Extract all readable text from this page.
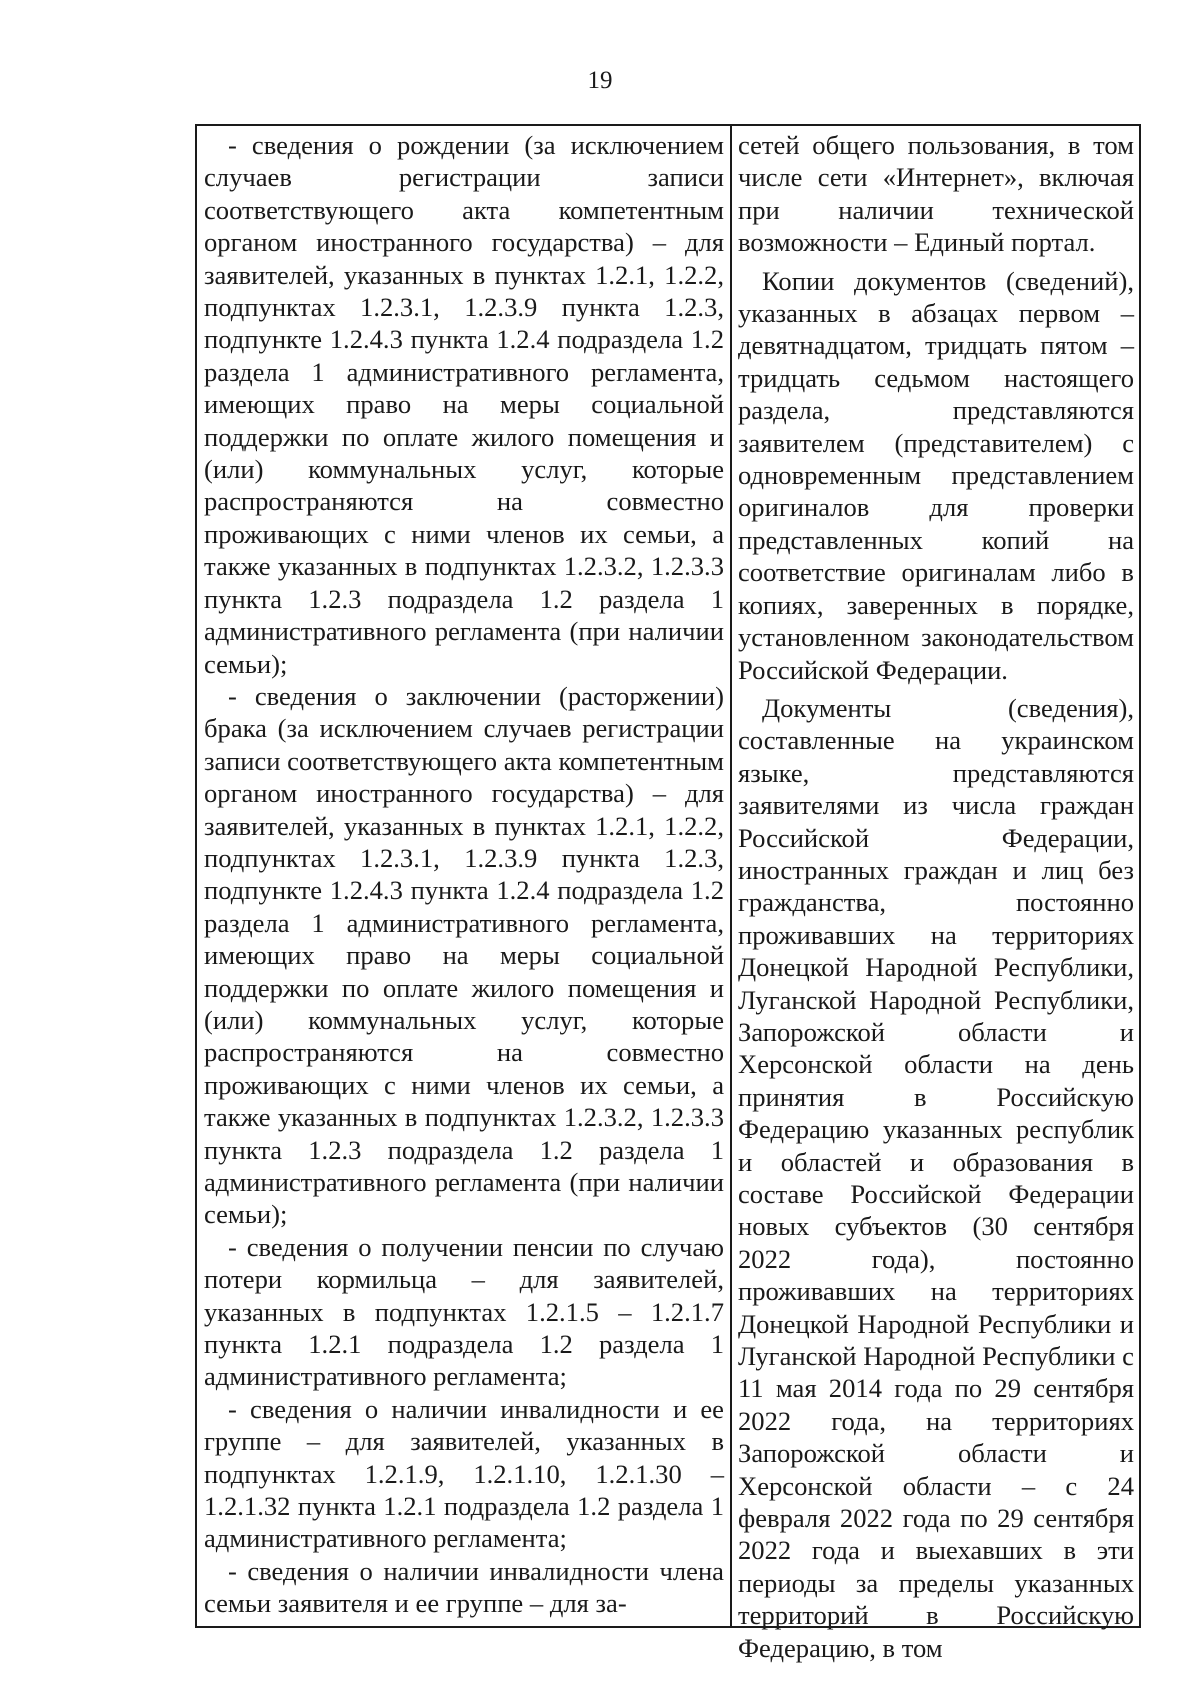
19

- сведения о рождении (за исключением случаев регистрации записи соответствующего акта компетентным органом иностранного государства) – для заявителей, указанных в пунктах 1.2.1, 1.2.2, подпунктах 1.2.3.1, 1.2.3.9 пункта 1.2.3, подпункте 1.2.4.3 пункта 1.2.4 подраздела 1.2 раздела 1 административного регламента, имеющих право на меры социальной поддержки по оплате жилого помещения и (или) коммунальных услуг, которые распространяются на совместно проживающих с ними членов их семьи, а также указанных в подпунктах 1.2.3.2, 1.2.3.3 пункта 1.2.3 подраздела 1.2 раздела 1 административного регламента (при наличии семьи);

- сведения о заключении (расторжении) брака (за исключением случаев регистрации записи соответствующего акта компетентным органом иностранного государства) – для заявителей, указанных в пунктах 1.2.1, 1.2.2, подпунктах 1.2.3.1, 1.2.3.9 пункта 1.2.3, подпункте 1.2.4.3 пункта 1.2.4 подраздела 1.2 раздела 1 административного регламента, имеющих право на меры социальной поддержки по оплате жилого помещения и (или) коммунальных услуг, которые распространяются на совместно проживающих с ними членов их семьи, а также указанных в подпунктах 1.2.3.2, 1.2.3.3 пункта 1.2.3 подраздела 1.2 раздела 1 административного регламента (при наличии семьи);

- сведения о получении пенсии по случаю потери кормильца – для заявителей, указанных в подпунктах 1.2.1.5 – 1.2.1.7 пункта 1.2.1 подраздела 1.2 раздела 1 административного регламента;

- сведения о наличии инвалидности и ее группе – для заявителей, указанных в подпунктах 1.2.1.9, 1.2.1.10, 1.2.1.30 – 1.2.1.32 пункта 1.2.1 подраздела 1.2 раздела 1 административного регламента;

- сведения о наличии инвалидности члена семьи заявителя и ее группе – для за-

сетей общего пользования, в том числе сети «Интернет», включая при наличии технической возможности – Единый портал.

Копии документов (сведений), указанных в абзацах первом – девятнадцатом, тридцать пятом – тридцать седьмом настоящего раздела, представляются заявителем (представителем) с одновременным представлением оригиналов для проверки представленных копий на соответствие оригиналам либо в копиях, заверенных в порядке, установленном законодательством Российской Федерации.

Документы (сведения), составленные на украинском языке, представляются заявителями из числа граждан Российской Федерации, иностранных граждан и лиц без гражданства, постоянно проживавших на территориях Донецкой Народной Республики, Луганской Народной Республики, Запорожской области и Херсонской области на день принятия в Российскую Федерацию указанных республик и областей и образования в составе Российской Федерации новых субъектов (30 сентября 2022 года), постоянно проживавших на территориях Донецкой Народной Республики и Луганской Народной Республики с 11 мая 2014 года по 29 сентября 2022 года, на территориях Запорожской области и Херсонской области – с 24 февраля 2022 года по 29 сентября 2022 года и выехавших в эти периоды за пределы указанных территорий в Российскую Федерацию, в том
